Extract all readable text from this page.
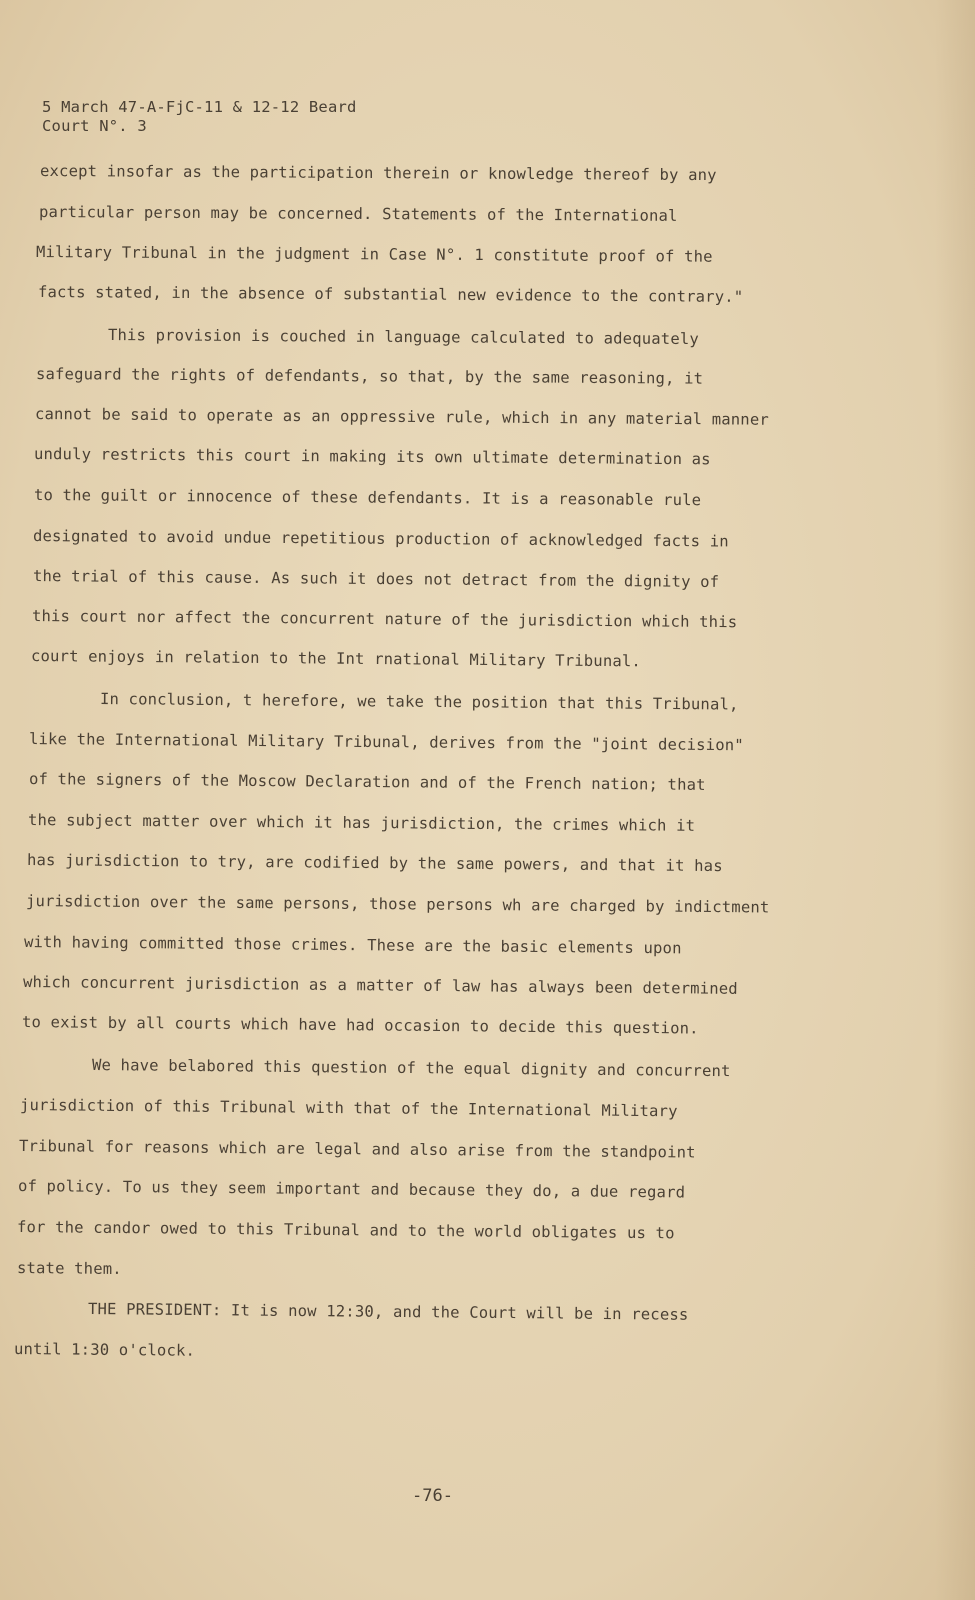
5 March 47-A-FjC-11 & 12-12 Beard
Court N°. 3
except insofar as the participation therein or knowledge thereof by any
particular person may be concerned. Statements of the International
Military Tribunal in the judgment in Case N°. 1 constitute proof of the
facts stated, in the absence of substantial new evidence to the contrary."
This provision is couched in language calculated to adequately
safeguard the rights of defendants, so that, by the same reasoning, it
cannot be said to operate as an oppressive rule, which in any material manner
unduly restricts this court in making its own ultimate determination as
to the guilt or innocence of these defendants. It is a reasonable rule
designated to avoid undue repetitious production of acknowledged facts in
the trial of this cause. As such it does not detract from the dignity of
this court nor affect the concurrent nature of the jurisdiction which this
court enjoys in relation to the Int rnational Military Tribunal.
In conclusion, t herefore, we take the position that this Tribunal,
like the International Military Tribunal, derives from the "joint decision"
of the signers of the Moscow Declaration and of the French nation; that
the subject matter over which it has jurisdiction, the crimes which it
has jurisdiction to try, are codified by the same powers, and that it has
jurisdiction over the same persons, those persons wh are charged by indictment
with having committed those crimes. These are the basic elements upon
which concurrent jurisdiction as a matter of law has always been determined
to exist by all courts which have had occasion to decide this question.
We have belabored this question of the equal dignity and concurrent
jurisdiction of this Tribunal with that of the International Military
Tribunal for reasons which are legal and also arise from the standpoint
of policy. To us they seem important and because they do, a due regard
for the candor owed to this Tribunal and to the world obligates us to
state them.
THE PRESIDENT: It is now 12:30, and the Court will be in recess
until 1:30 o'clock.
-76-
